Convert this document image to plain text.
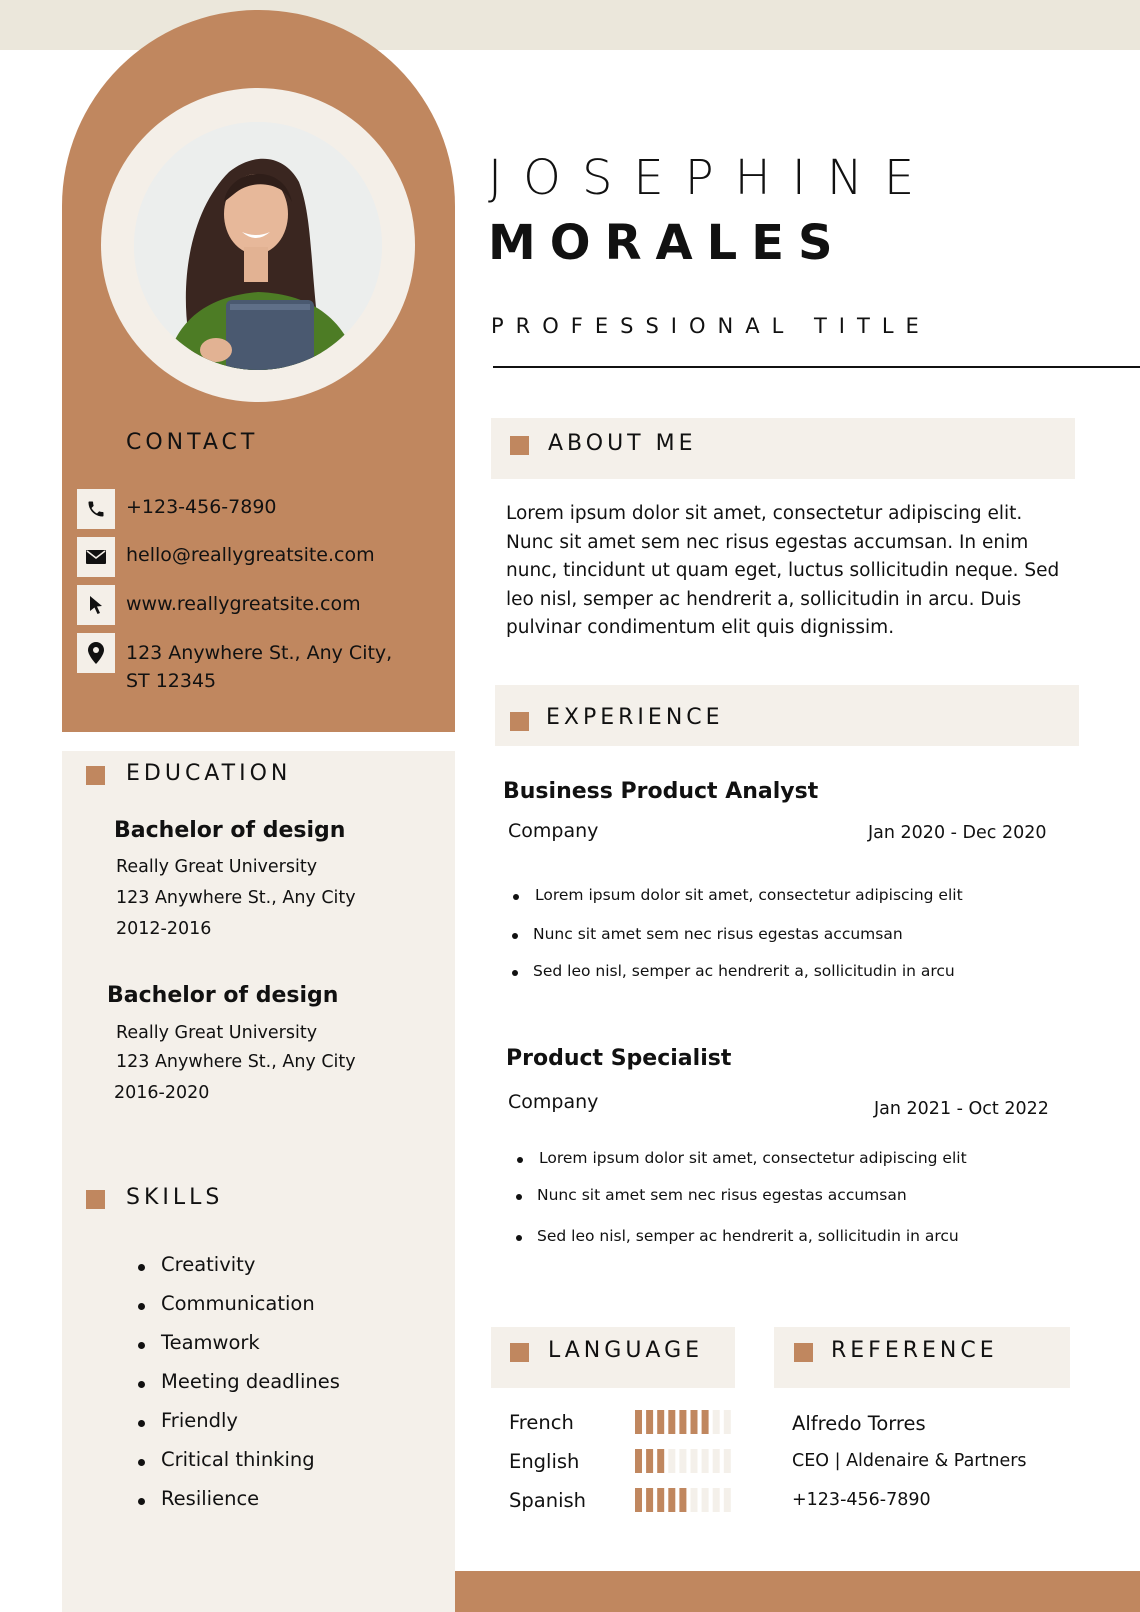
JOSEPHINE
MORALES
PROFESSIONAL TITLE
CONTACT
+123-456-7890
hello@reallygreatsite.com
www.reallygreatsite.com
123 Anywhere St., Any City,
ST 12345
EDUCATION
Bachelor of design
Really Great University
123 Anywhere St., Any City
2012-2016
Bachelor of design
Really Great University
123 Anywhere St., Any City
2016-2020
SKILLS
Creativity
Communication
Teamwork
Meeting deadlines
Friendly
Critical thinking
Resilience
ABOUT ME
Lorem ipsum dolor sit amet, consectetur adipiscing elit. Nunc sit amet sem nec risus egestas accumsan. In enim nunc, tincidunt ut quam eget, luctus sollicitudin neque. Sed leo nisl, semper ac hendrerit a, sollicitudin in arcu. Duis pulvinar condimentum elit quis dignissim.
EXPERIENCE
Business Product Analyst
Company	Jan 2020 - Dec 2020
Lorem ipsum dolor sit amet, consectetur adipiscing elit
Nunc sit amet sem nec risus egestas accumsan
Sed leo nisl, semper ac hendrerit a, sollicitudin in arcu
Product Specialist
Company	Jan 2021 - Oct 2022
Lorem ipsum dolor sit amet, consectetur adipiscing elit
Nunc sit amet sem nec risus egestas accumsan
Sed leo nisl, semper ac hendrerit a, sollicitudin in arcu
LANGUAGE
French
English
Spanish
REFERENCE
Alfredo Torres
CEO | Aldenaire & Partners
+123-456-7890
